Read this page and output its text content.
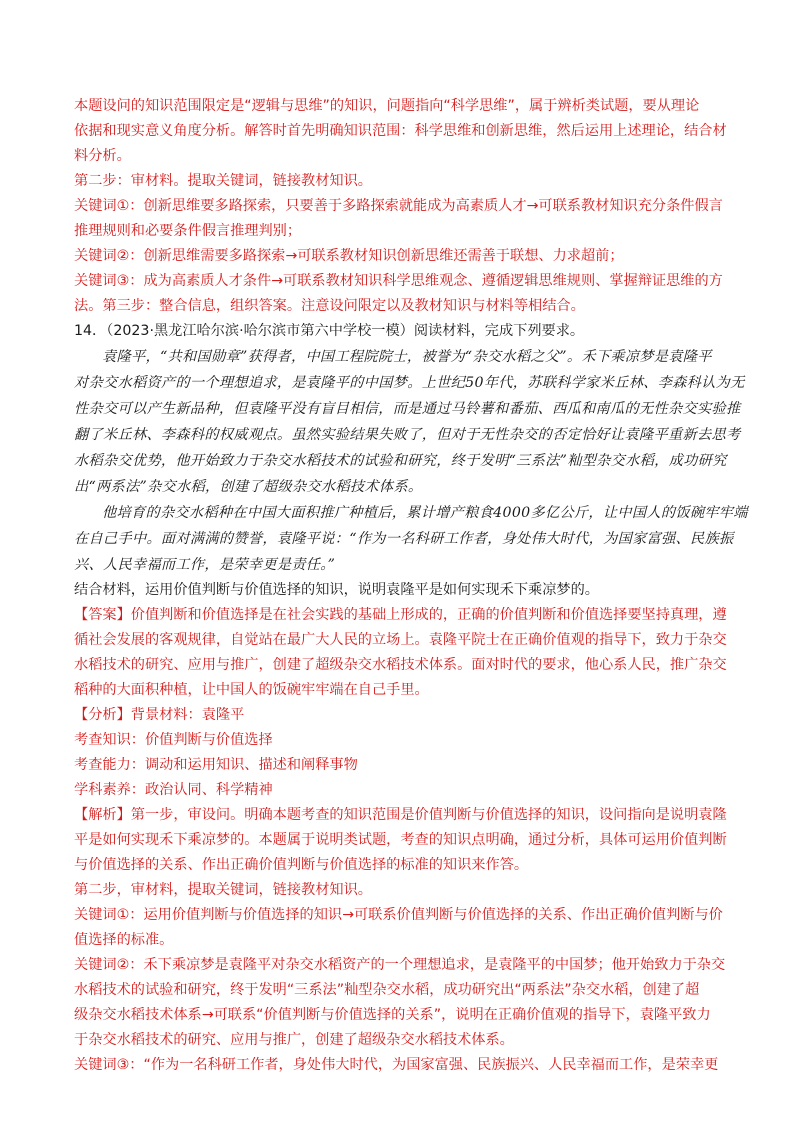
本题设问的知识范围限定是“逻辑与思维”的知识，问题指向“科学思维”，属于辨析类试题，要从理论
依据和现实意义角度分析。解答时首先明确知识范围：科学思维和创新思维，然后运用上述理论，结合材
料分析。
第二步：审材料。提取关键词，链接教材知识。
关键词①：创新思维要多路探索，只要善于多路探索就能成为高素质人才→可联系教材知识充分条件假言
推理规则和必要条件假言推理判别；
关键词②：创新思维需要多路探索→可联系教材知识创新思维还需善于联想、力求超前；
关键词③：成为高素质人才条件→可联系教材知识科学思维观念、遵循逻辑思维规则、掌握辩证思维的方
法。第三步：整合信息，组织答案。注意设问限定以及教材知识与材料等相结合。
14．（2023·黑龙江哈尔滨·哈尔滨市第六中学校一模）阅读材料，完成下列要求。
袁隆平，“共和国勋章”获得者，中国工程院院士，被誉为“杂交水稻之父”。禾下乘凉梦是袁隆平
对杂交水稻资产的一个理想追求，是袁隆平的中国梦。上世纪50年代，苏联科学家米丘林、李森科认为无
性杂交可以产生新品种，但袁隆平没有盲目相信，而是通过马铃薯和番茄、西瓜和南瓜的无性杂交实验推
翻了米丘林、李森科的权威观点。虽然实验结果失败了，但对于无性杂交的否定恰好让袁隆平重新去思考
水稻杂交优势，他开始致力于杂交水稻技术的试验和研究，终于发明“三系法”籼型杂交水稻，成功研究
出“两系法”杂交水稻，创建了超级杂交水稻技术体系。
他培育的杂交水稻种在中国大面积推广种植后，累计增产粮食4000多亿公斤，让中国人的饭碗牢牢端
在自己手中。面对满满的赞誉，袁隆平说：“作为一名科研工作者，身处伟大时代，为国家富强、民族振
兴、人民幸福而工作，是荣幸更是责任。”
结合材料，运用价值判断与价值选择的知识，说明袁隆平是如何实现禾下乘凉梦的。
【答案】价值判断和价值选择是在社会实践的基础上形成的，正确的价值判断和价值选择要坚持真理，遵
循社会发展的客观规律，自觉站在最广大人民的立场上。袁隆平院士在正确价值观的指导下，致力于杂交
水稻技术的研究、应用与推广，创建了超级杂交水稻技术体系。面对时代的要求，他心系人民，推广杂交
稻种的大面积种植，让中国人的饭碗牢牢端在自己手里。
【分析】背景材料：袁隆平
考查知识：价值判断与价值选择
考查能力：调动和运用知识、描述和阐释事物
学科素养：政治认同、科学精神
【解析】第一步，审设问。明确本题考查的知识范围是价值判断与价值选择的知识，设问指向是说明袁隆
平是如何实现禾下乘凉梦的。本题属于说明类试题，考查的知识点明确，通过分析，具体可运用价值判断
与价值选择的关系、作出正确价值判断与价值选择的标准的知识来作答。
第二步，审材料，提取关键词，链接教材知识。
关键词①：运用价值判断与价值选择的知识→可联系价值判断与价值选择的关系、作出正确价值判断与价
值选择的标准。
关键词②：禾下乘凉梦是袁隆平对杂交水稻资产的一个理想追求，是袁隆平的中国梦；他开始致力于杂交
水稻技术的试验和研究，终于发明“三系法”籼型杂交水稻，成功研究出“两系法”杂交水稻，创建了超
级杂交水稻技术体系→可联系“价值判断与价值选择的关系”，说明在正确价值观的指导下，袁隆平致力
于杂交水稻技术的研究、应用与推广，创建了超级杂交水稻技术体系。
关键词③：“作为一名科研工作者，身处伟大时代，为国家富强、民族振兴、人民幸福而工作，是荣幸更
